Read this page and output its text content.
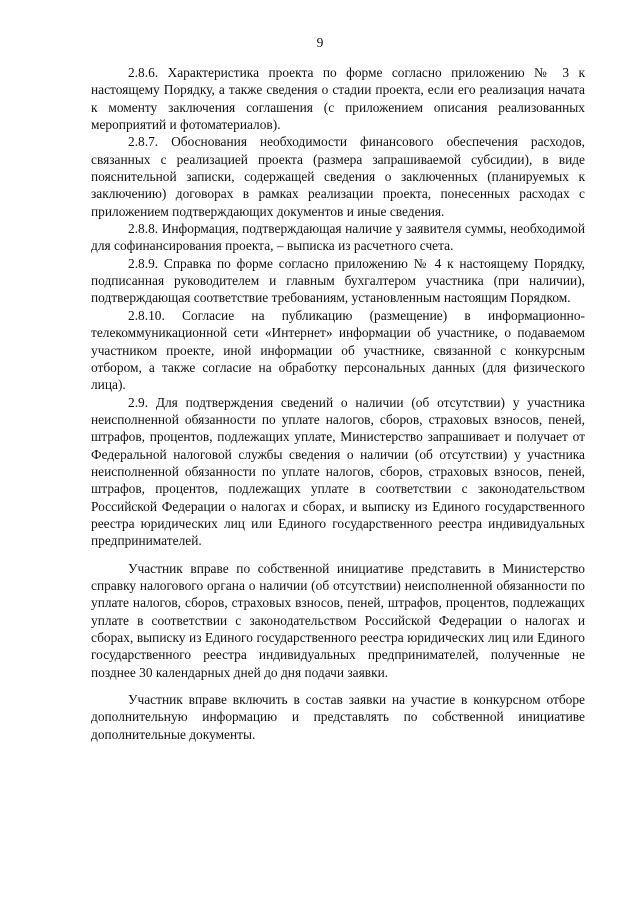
9

2.8.6. Характеристика проекта по форме согласно приложению № 3 к настоящему Порядку, а также сведения о стадии проекта, если его реализация начата к моменту заключения соглашения (с приложением описания реализованных мероприятий и фотоматериалов).

2.8.7. Обоснования необходимости финансового обеспечения расходов, связанных с реализацией проекта (размера запрашиваемой субсидии), в виде пояснительной записки, содержащей сведения о заключенных (планируемых к заключению) договорах в рамках реализации проекта, понесенных расходах с приложением подтверждающих документов и иные сведения.

2.8.8. Информация, подтверждающая наличие у заявителя суммы, необходимой для софинансирования проекта, – выписка из расчетного счета.

2.8.9. Справка по форме согласно приложению № 4 к настоящему Порядку, подписанная руководителем и главным бухгалтером участника (при наличии), подтверждающая соответствие требованиям, установленным настоящим Порядком.

2.8.10. Согласие на публикацию (размещение) в информационно-телекоммуникационной сети «Интернет» информации об участнике, о подаваемом участником проекте, иной информации об участнике, связанной с конкурсным отбором, а также согласие на обработку персональных данных (для физического лица).

2.9. Для подтверждения сведений о наличии (об отсутствии) у участника неисполненной обязанности по уплате налогов, сборов, страховых взносов, пеней, штрафов, процентов, подлежащих уплате, Министерство запрашивает и получает от Федеральной налоговой службы сведения о наличии (об отсутствии) у участника неисполненной обязанности по уплате налогов, сборов, страховых взносов, пеней, штрафов, процентов, подлежащих уплате в соответствии с законодательством Российской Федерации о налогах и сборах, и выписку из Единого государственного реестра юридических лиц или Единого государственного реестра индивидуальных предпринимателей.

Участник вправе по собственной инициативе представить в Министерство справку налогового органа о наличии (об отсутствии) неисполненной обязанности по уплате налогов, сборов, страховых взносов, пеней, штрафов, процентов, подлежащих уплате в соответствии с законодательством Российской Федерации о налогах и сборах, выписку из Единого государственного реестра юридических лиц или Единого государственного реестра индивидуальных предпринимателей, полученные не позднее 30 календарных дней до дня подачи заявки.

Участник вправе включить в состав заявки на участие в конкурсном отборе дополнительную информацию и представлять по собственной инициативе дополнительные документы.
